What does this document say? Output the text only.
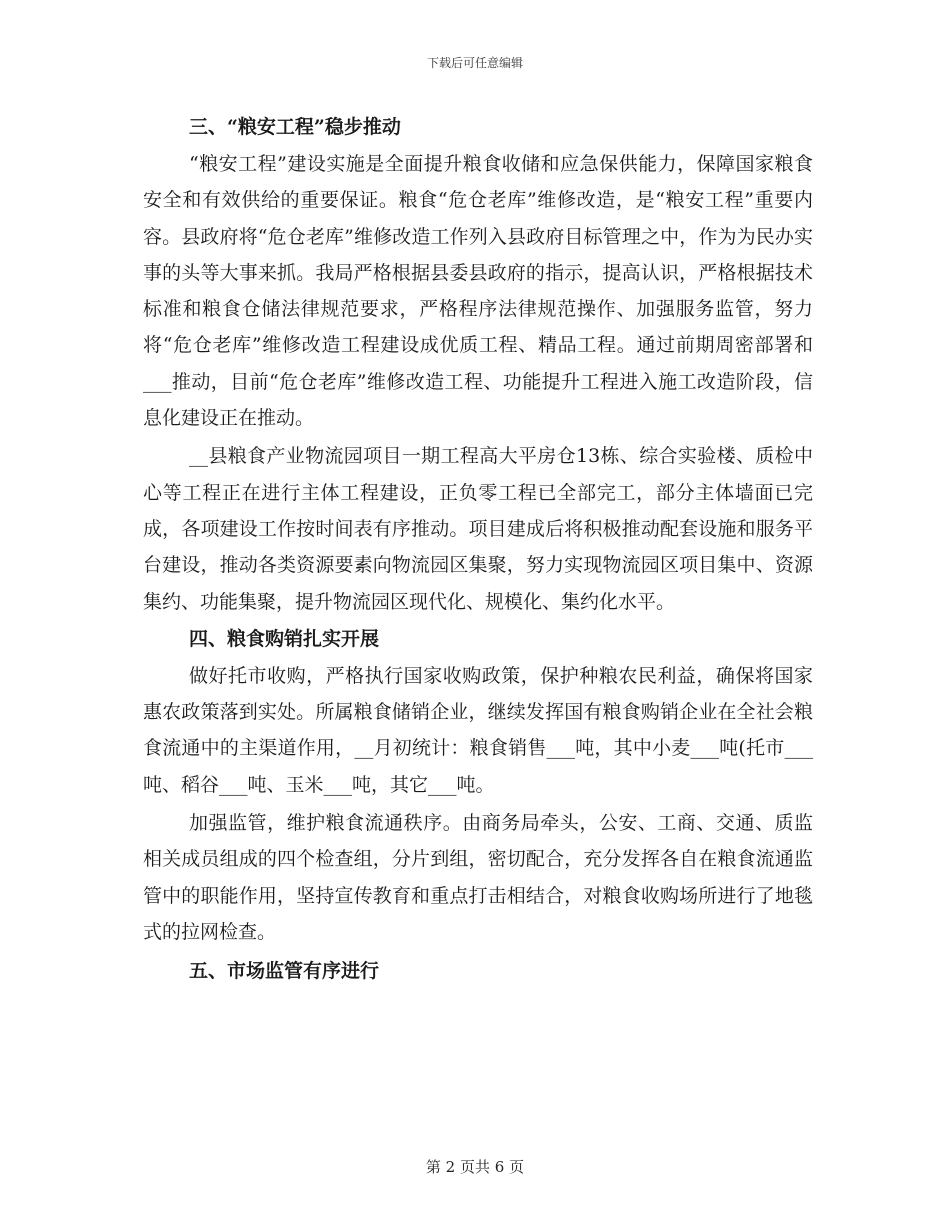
下载后可任意编辑

三、“粮安工程”稳步推动

“粮安工程”建设实施是全面提升粮食收储和应急保供能力，保障国家粮食安全和有效供给的重要保证。粮食“危仓老库”维修改造，是“粮安工程”重要内容。县政府将“危仓老库”维修改造工作列入县政府目标管理之中，作为为民办实事的头等大事来抓。我局严格根据县委县政府的指示，提高认识，严格根据技术标准和粮食仓储法律规范要求，严格程序法律规范操作、加强服务监管，努力将“危仓老库”维修改造工程建设成优质工程、精品工程。通过前期周密部署和___推动，目前“危仓老库”维修改造工程、功能提升工程进入施工改造阶段，信息化建设正在推动。

__县粮食产业物流园项目一期工程高大平房仓13栋、综合实验楼、质检中心等工程正在进行主体工程建设，正负零工程已全部完工，部分主体墙面已完成，各项建设工作按时间表有序推动。项目建成后将积极推动配套设施和服务平台建设，推动各类资源要素向物流园区集聚，努力实现物流园区项目集中、资源集约、功能集聚，提升物流园区现代化、规模化、集约化水平。

四、粮食购销扎实开展

做好托市收购，严格执行国家收购政策，保护种粮农民利益，确保将国家惠农政策落到实处。所属粮食储销企业，继续发挥国有粮食购销企业在全社会粮食流通中的主渠道作用，__月初统计：粮食销售___吨，其中小麦___吨(托市___吨、稻谷___吨、玉米___吨，其它___吨。

加强监管，维护粮食流通秩序。由商务局牵头，公安、工商、交通、质监相关成员组成的四个检查组，分片到组，密切配合，充分发挥各自在粮食流通监管中的职能作用，坚持宣传教育和重点打击相结合，对粮食收购场所进行了地毯式的拉网检查。

五、市场监管有序进行

第 2 页共 6 页
